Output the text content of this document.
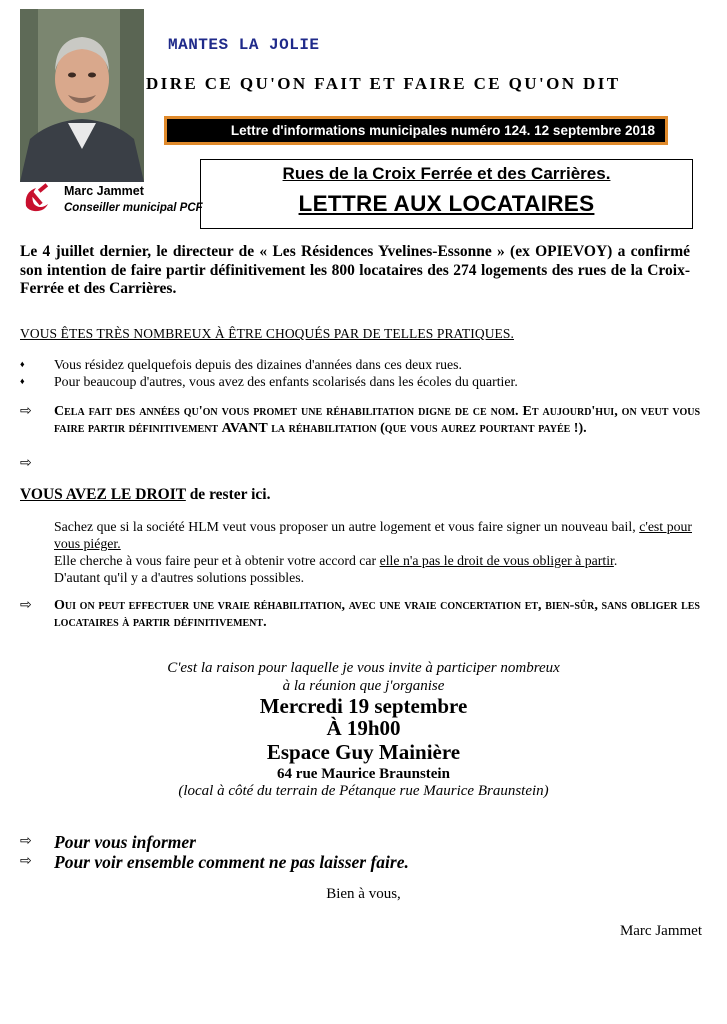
MANTES LA JOLIE
DIRE CE QU'ON FAIT ET FAIRE CE QU'ON DIT
Lettre d'informations municipales numéro 124. 12 septembre 2018
Marc Jammet
Conseiller municipal PCF
Rues de la Croix Ferrée et des Carrières.
LETTRE AUX LOCATAIRES
Le 4 juillet dernier, le directeur de « Les Résidences Yvelines-Essonne » (ex OPIEVOY) a confirmé son intention de faire partir définitivement les 800 locataires des 274 logements des rues de la Croix-Ferrée et des Carrières.
VOUS ÊTES TRÈS NOMBREUX À ÊTRE CHOQUÉS PAR DE TELLES PRATIQUES.
♦	Vous résidez quelquefois depuis des dizaines d'années dans ces deux rues.
♦	Pour beaucoup d'autres, vous avez des enfants scolarisés dans les écoles du quartier.
⇨	Cela fait des années qu'on vous promet une réhabilitation digne de ce nom. Et aujourd'hui, on veut vous faire partir définitivement AVANT la réhabilitation (que vous aurez pourtant payée !).
⇨
VOUS AVEZ LE DROIT de rester ici.
Sachez que si la société HLM veut vous proposer un autre logement et vous faire signer un nouveau bail, c'est pour vous piéger.
Elle cherche à vous faire peur et à obtenir votre accord car elle n'a pas le droit de vous obliger à partir.
D'autant qu'il y a d'autres solutions possibles.
⇨	Oui on peut effectuer une vraie réhabilitation, avec une vraie concertation et, bien-sûr, sans obliger les locataires à partir définitivement.
C'est la raison pour laquelle je vous invite à participer nombreux
à la réunion que j'organise
Mercredi 19 septembre
À 19h00
Espace Guy Mainière
64 rue Maurice Braunstein
(local à côté du terrain de Pétanque rue Maurice Braunstein)
⇨	Pour vous informer
⇨	Pour voir ensemble comment ne pas laisser faire.
Bien à vous,
Marc Jammet
